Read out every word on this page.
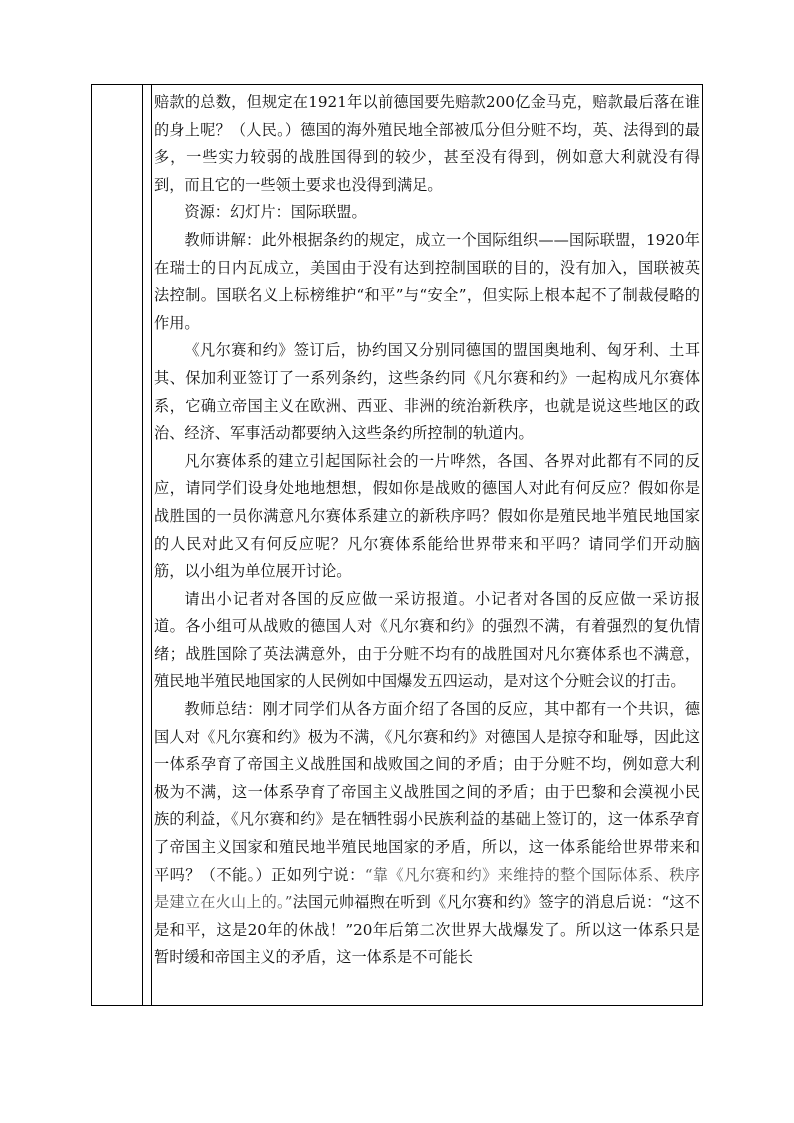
赔款的总数，但规定在1921年以前德国要先赔款200亿金马克，赔款最后落在谁的身上呢？（人民。）德国的海外殖民地全部被瓜分但分赃不均，英、法得到的最多，一些实力较弱的战胜国得到的较少，甚至没有得到，例如意大利就没有得到，而且它的一些领土要求也没得到满足。

资源：幻灯片：国际联盟。

教师讲解：此外根据条约的规定，成立一个国际组织——国际联盟，1920年在瑞士的日内瓦成立，美国由于没有达到控制国联的目的，没有加入，国联被英法控制。国联名义上标榜维护“和平”与“安全”，但实际上根本起不了制裁侵略的作用。

《凡尔赛和约》签订后，协约国又分别同德国的盟国奥地利、匈牙利、土耳其、保加利亚签订了一系列条约，这些条约同《凡尔赛和约》一起构成凡尔赛体系，它确立帝国主义在欧洲、西亚、非洲的统治新秩序，也就是说这些地区的政治、经济、军事活动都要纳入这些条约所控制的轨道内。

凡尔赛体系的建立引起国际社会的一片哗然，各国、各界对此都有不同的反应，请同学们设身处地地想想，假如你是战败的德国人对此有何反应？假如你是战胜国的一员你满意凡尔赛体系建立的新秩序吗？假如你是殖民地半殖民地国家的人民对此又有何反应呢？凡尔赛体系能给世界带来和平吗？请同学们开动脑筋，以小组为单位展开讨论。

请出小记者对各国的反应做一采访报道。小记者对各国的反应做一采访报道。各小组可从战败的德国人对《凡尔赛和约》的强烈不满，有着强烈的复仇情绪；战胜国除了英法满意外，由于分赃不均有的战胜国对凡尔赛体系也不满意，殖民地半殖民地国家的人民例如中国爆发五四运动，是对这个分赃会议的打击。

教师总结：刚才同学们从各方面介绍了各国的反应，其中都有一个共识，德国人对《凡尔赛和约》极为不满，《凡尔赛和约》对德国人是掠夺和耻辱，因此这一体系孕育了帝国主义战胜国和战败国之间的矛盾；由于分赃不均，例如意大利极为不满，这一体系孕育了帝国主义战胜国之间的矛盾；由于巴黎和会漠视小民族的利益，《凡尔赛和约》是在牺牲弱小民族利益的基础上签订的，这一体系孕育了帝国主义国家和殖民地半殖民地国家的矛盾，所以，这一体系能给世界带来和平吗？（不能。）正如列宁说：“靠《凡尔赛和约》来维持的整个国际体系、秩序是建立在火山上的。”法国元帅福煦在听到《凡尔赛和约》签字的消息后说：“这不是和平，这是20年的休战！”20年后第二次世界大战爆发了。所以这一体系只是暂时缓和帝国主义的矛盾，这一体系是不可能长
